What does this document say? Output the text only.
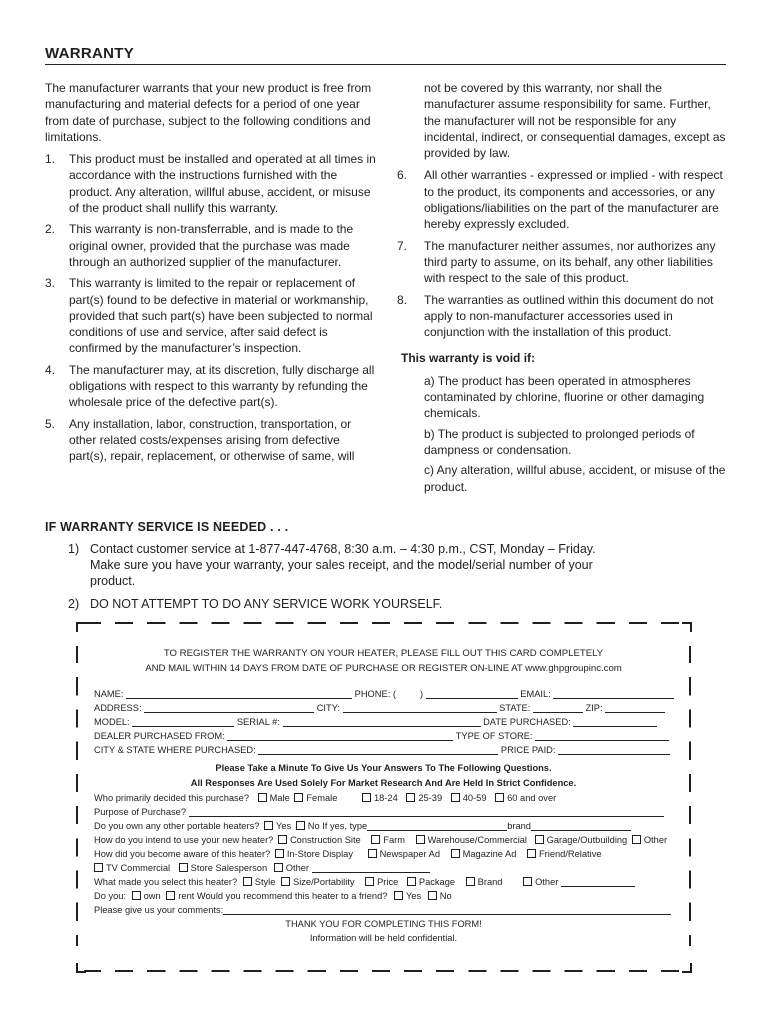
WARRANTY

The manufacturer warrants that your new product is free from manufacturing and material defects for a period of one year from date of purchase, subject to the following conditions and limitations.

1.	This product must be installed and operated at all times in accordance with the instructions furnished with the product. Any alteration, willful abuse, accident, or misuse of the product shall nullify this warranty.
2.	This warranty is non-transferrable, and is made to the original owner, provided that the purchase was made through an authorized supplier of the manufacturer.
3.	This warranty is limited to the repair or replacement of part(s) found to be defective in material or workmanship, provided that such part(s) have been subjected to normal conditions of use and service, after said defect is confirmed by the manufacturer’s inspection.
4.	The manufacturer may, at its discretion, fully discharge all obligations with respect to this warranty by refunding the wholesale price of the defective part(s).
5.	Any installation, labor, construction, transportation, or other related costs/expenses arising from defective part(s), repair, replacement, or otherwise of same, will

not be covered by this warranty, nor shall the manufacturer assume responsibility for same. Further, the manufacturer will not be responsible for any incidental, indirect, or consequential damages, except as provided by law.

6.	All other warranties - expressed or implied - with respect to the product, its components and accessories, or any obligations/liabilities on the part of the manufacturer are hereby expressly excluded.
7.	The manufacturer neither assumes, nor authorizes any third party to assume, on its behalf, any other liabilities with respect to the sale of this product.
8.	The warranties as outlined within this document do not apply to non-manufacturer accessories used in conjunction with the installation of this product.

This warranty is void if:

a) The product has been operated in atmospheres contaminated by chlorine, fluorine or other damaging chemicals.

b) The product is subjected to prolonged periods of dampness or condensation.

c) Any alteration, willful abuse, accident, or misuse of the product.

IF WARRANTY SERVICE IS NEEDED . . .
1) Contact customer service at 1-877-447-4768, 8:30 a.m. – 4:30 p.m., CST, Monday – Friday. Make sure you have your warranty, your sales receipt, and the model/serial number of your product.
2) DO NOT ATTEMPT TO DO ANY SERVICE WORK YOURSELF.
TO REGISTER THE WARRANTY ON YOUR HEATER, PLEASE FILL OUT THIS CARD COMPLETELY
AND MAIL WITHIN 14 DAYS FROM DATE OF PURCHASE OR REGISTER ON-LINE AT www.ghpgroupinc.com
NAME:	PHONE: (	)	EMAIL:
ADDRESS:	CITY:	STATE:	ZIP:
MODEL:	SERIAL #:	DATE PURCHASED:
DEALER PURCHASED FROM:	TYPE OF STORE:
CITY & STATE WHERE PURCHASED:	PRICE PAID:
Please Take a Minute To Give Us Your Answers To The Following Questions.
All Responses Are Used Solely For Market Research And Are Held In Strict Confidence.
Who primarily decided this purchase? Male Female	18-24 25-39 40-59 60 and over
Purpose of Purchase?
Do you own any other portable heaters? Yes No If yes, type	brand
How do you intend to use your new heater? Construction Site Farm Warehouse/Commercial Garage/Outbuilding Other
How did you become aware of this heater? In-Store Display	Newspaper Ad Magazine Ad Friend/Relative
TV Commercial Store Salesperson Other
What made you select this heater? Style Size/Portability Price Package Brand	Other
Do you: own rent Would you recommend this heater to a friend? Yes No
Please give us your comments:
THANK YOU FOR COMPLETING THIS FORM!
Information will be held confidential.
